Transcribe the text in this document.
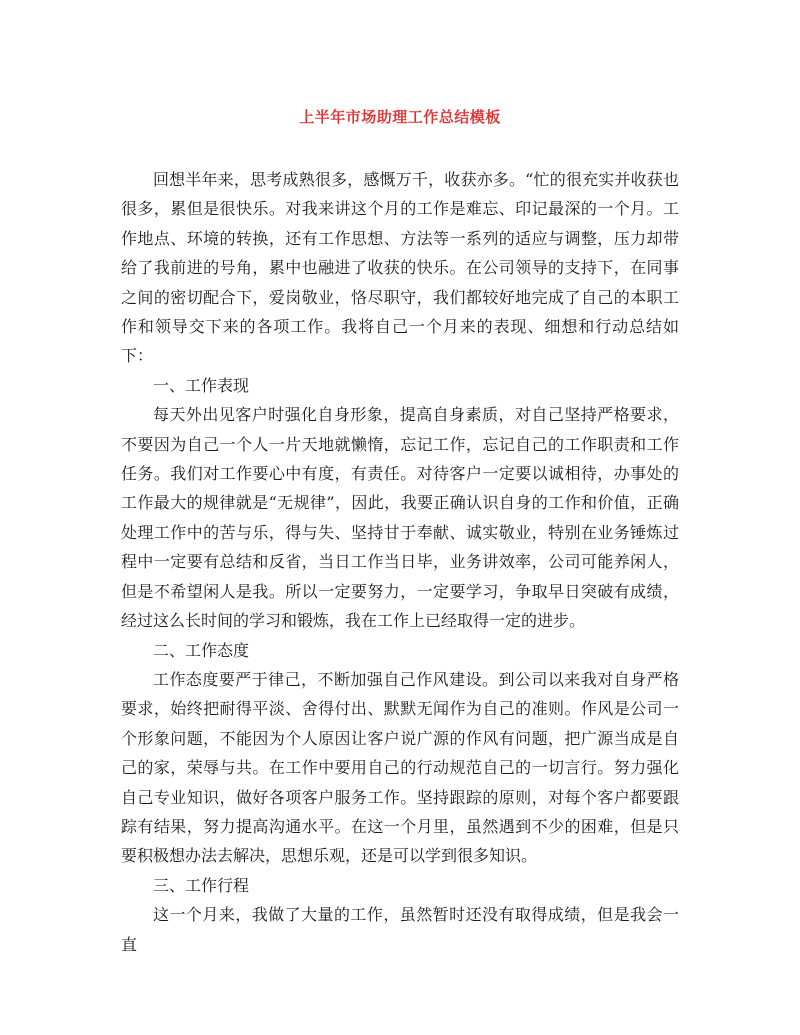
上半年市场助理工作总结模板

回想半年来，思考成熟很多，感慨万千，收获亦多。“忙的很充实并收获也很多，累但是很快乐。对我来讲这个月的工作是难忘、印记最深的一个月。工作地点、环境的转换，还有工作思想、方法等一系列的适应与调整，压力却带给了我前进的号角，累中也融进了收获的快乐。在公司领导的支持下，在同事之间的密切配合下，爱岗敬业，恪尽职守，我们都较好地完成了自己的本职工作和领导交下来的各项工作。我将自己一个月来的表现、细想和行动总结如下：

一、工作表现

每天外出见客户时强化自身形象，提高自身素质，对自己坚持严格要求， 不要因为自己一个人一片天地就懒惰，忘记工作，忘记自己的工作职责和工作任务。我们对工作要心中有度，有责任。对待客户一定要以诚相待，办事处的工作最大的规律就是“无规律”，因此，我要正确认识自身的工作和价值，正确处理工作中的苦与乐，得与失、坚持甘于奉献、诚实敬业，特别在业务锤炼过程中一定要有总结和反省，当日工作当日毕，业务讲效率，公司可能养闲人，但是不希望闲人是我。所以一定要努力，一定要学习，争取早日突破有成绩，经过这么长时间的学习和锻炼，我在工作上已经取得一定的进步。

二、工作态度

工作态度要严于律己，不断加强自己作风建设。到公司以来我对自身严格要求，始终把耐得平淡、舍得付出、默默无闻作为自己的准则。作风是公司一个形象问题，不能因为个人原因让客户说广源的作风有问题，把广源当成是自己的家，荣辱与共。在工作中要用自己的行动规范自己的一切言行。努力强化自己专业知识，做好各项客户服务工作。坚持跟踪的原则，对每个客户都要跟踪有结果，努力提高沟通水平。在这一个月里，虽然遇到不少的困难，但是只要积极想办法去解决，思想乐观，还是可以学到很多知识。

三、工作行程

这一个月来，我做了大量的工作，虽然暂时还没有取得成绩，但是我会一直
